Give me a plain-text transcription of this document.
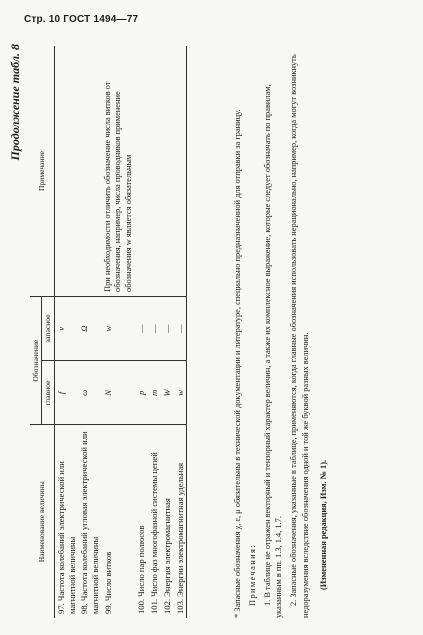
Стр. 10 ГОСТ 1494—77
Продолжение табл. 8
Наименование величины	Обозначение		Примечание
	главное	запасное	
97. Частота колебаний электрической или магнитной величины	f	ν	
98. Частота колебаний угловая электрической или магнитной величины	ω	Ω	
99. Число витков	N	w	При необходимости отличить обозначение числа витков от обозначения, например, числа проводников применение обозначения w является обязательным
100. Число пар полюсов	p	—	
101. Число фаз многофазной системы цепей	m	—	
102. Энергия электромагнитная	W	—	
103. Энергии электромагнитная удельная	w	—		* Запасные обозначения χ, ε, μ обязательны в технической документации и литературе, специально предназначенной для отправки за границу. Примечания: 1. В таблице не отражен векторный и тензорный характер величин, а также их комплексное выражение, которые следует обозначать по правилам, указанным в пп. 1.3, 1.4, 1.7. 2. Запасные обозначения, указанные в таблице, применяются, когда главные обозначения использовать нерационально, например, когда могут возникнуть недоразумения вследствие обозначения одной и той же буквой разных величин. (Измененная редакция, Изм. № 1).
